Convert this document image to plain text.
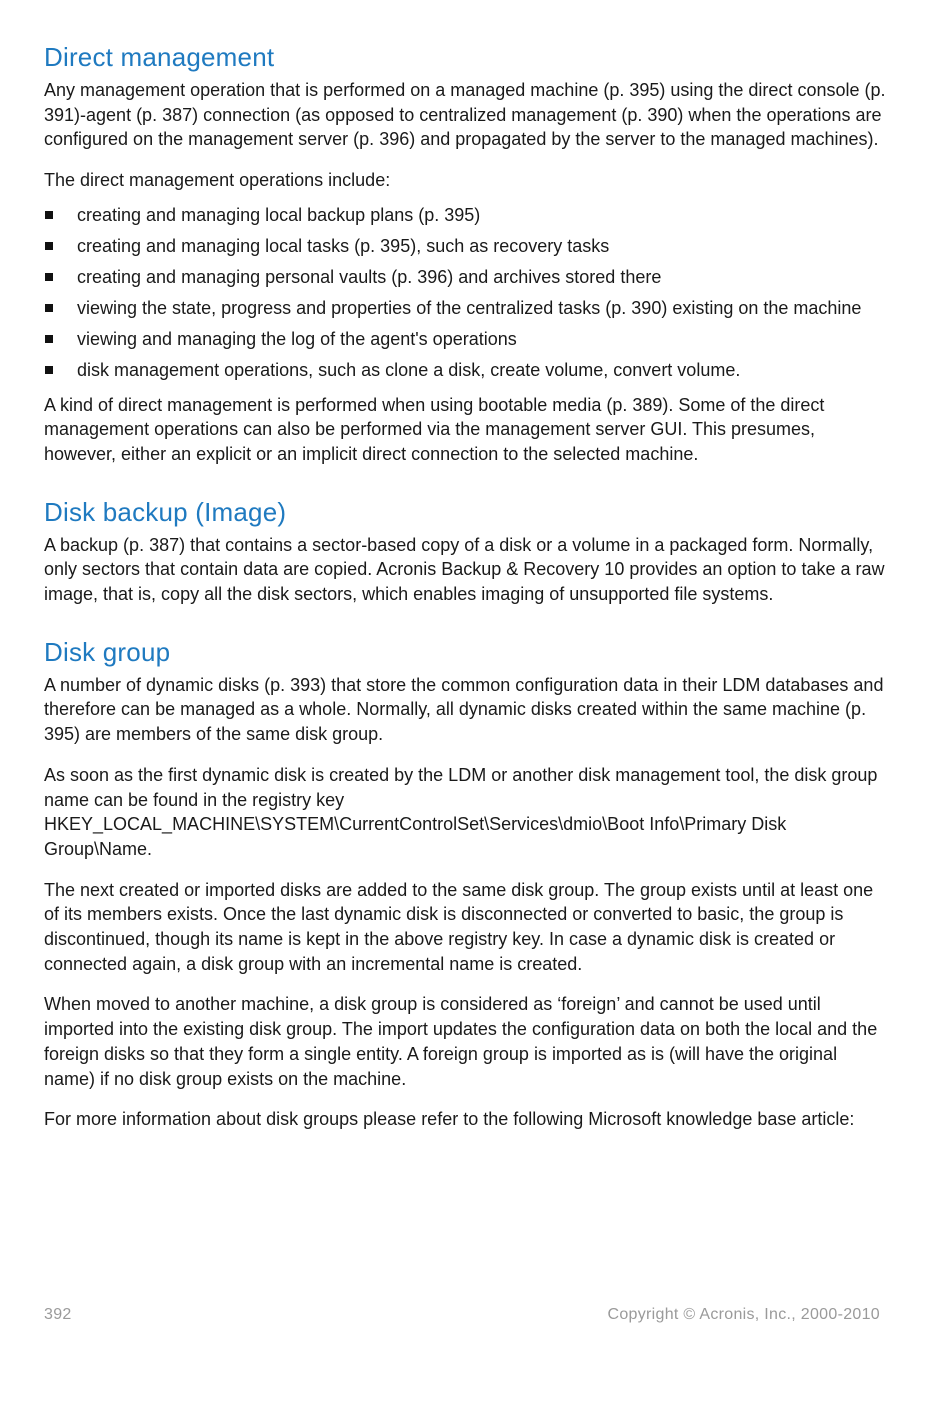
Direct management

Any management operation that is performed on a managed machine (p. 395) using the direct console (p. 391)-agent (p. 387) connection (as opposed to centralized management (p. 390) when the operations are configured on the management server (p. 396) and propagated by the server to the managed machines).

The direct management operations include:

creating and managing local backup plans (p. 395)
creating and managing local tasks (p. 395), such as recovery tasks
creating and managing personal vaults (p. 396) and archives stored there
viewing the state, progress and properties of the centralized tasks (p. 390) existing on the machine
viewing and managing the log of the agent's operations
disk management operations, such as clone a disk, create volume, convert volume.

A kind of direct management is performed when using bootable media (p. 389). Some of the direct management operations can also be performed via the management server GUI. This presumes, however, either an explicit or an implicit direct connection to the selected machine.

Disk backup (Image)

A backup (p. 387) that contains a sector-based copy of a disk or a volume in a packaged form. Normally, only sectors that contain data are copied. Acronis Backup & Recovery 10 provides an option to take a raw image, that is, copy all the disk sectors, which enables imaging of unsupported file systems.

Disk group

A number of dynamic disks (p. 393) that store the common configuration data in their LDM databases and therefore can be managed as a whole. Normally, all dynamic disks created within the same machine (p. 395) are members of the same disk group.

As soon as the first dynamic disk is created by the LDM or another disk management tool, the disk group name can be found in the registry key HKEY_LOCAL_MACHINE\SYSTEM\CurrentControlSet\Services\dmio\Boot Info\Primary Disk Group\Name.

The next created or imported disks are added to the same disk group. The group exists until at least one of its members exists. Once the last dynamic disk is disconnected or converted to basic, the group is discontinued, though its name is kept in the above registry key. In case a dynamic disk is created or connected again, a disk group with an incremental name is created.

When moved to another machine, a disk group is considered as ‘foreign’ and cannot be used until imported into the existing disk group. The import updates the configuration data on both the local and the foreign disks so that they form a single entity. A foreign group is imported as is (will have the original name) if no disk group exists on the machine.

For more information about disk groups please refer to the following Microsoft knowledge base article:

392	Copyright © Acronis, Inc., 2000-2010
